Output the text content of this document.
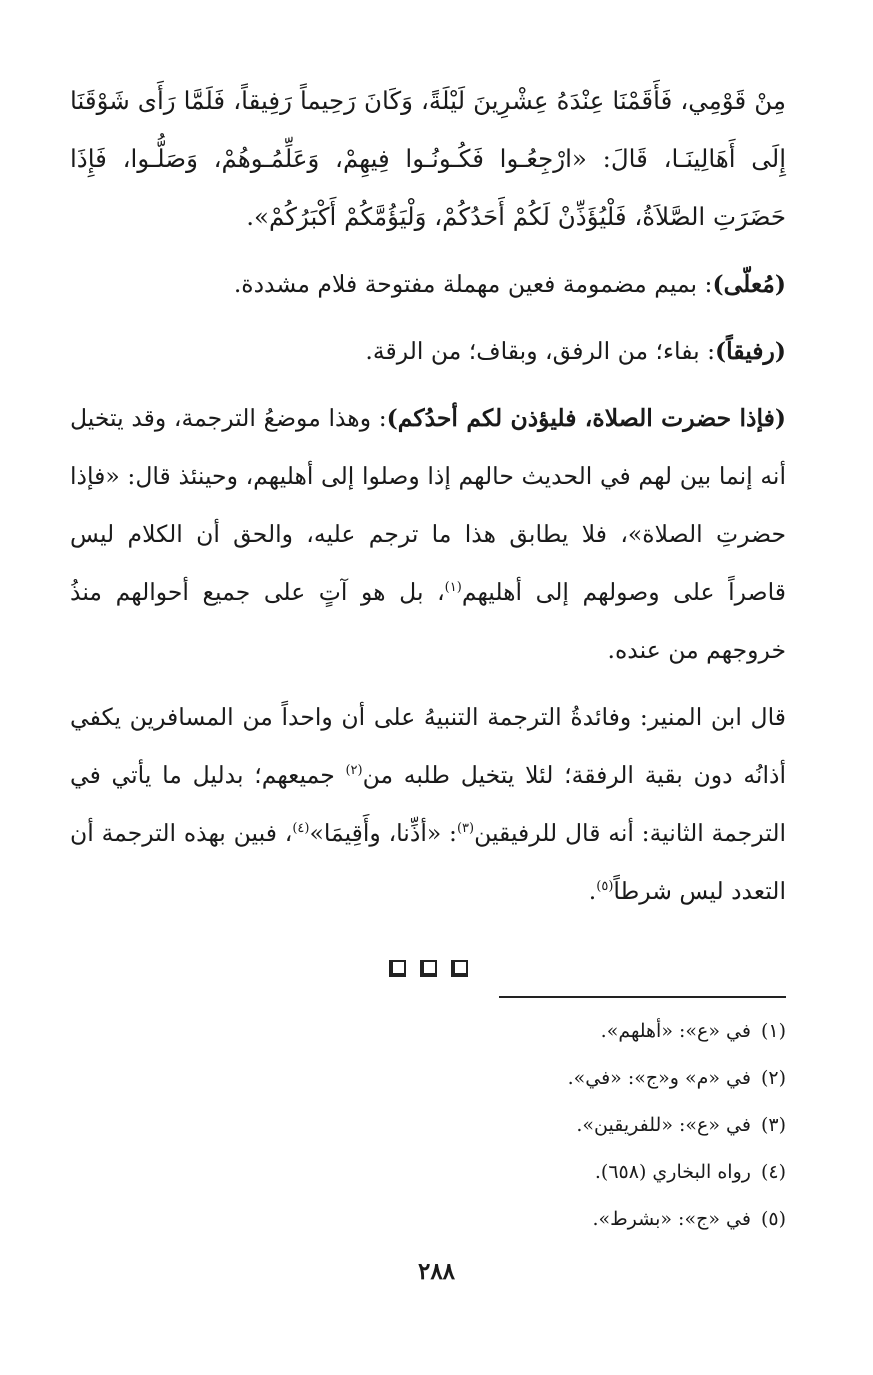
مِنْ قَوْمِي، فَأَقَمْنَا عِنْدَهُ عِشْرِينَ لَيْلَةً، وَكَانَ رَحِيماً رَفِيقاً، فَلَمَّا رَأَى شَوْقَنَا إِلَى أَهَالِينَـا، قَالَ: «ارْجِعُـوا فَكُـونُـوا فِيهِمْ، وَعَلِّمُـوهُمْ، وَصَلُّـوا، فَإِذَا حَضَرَتِ الصَّلاَةُ، فَلْيُؤَذِّنْ لَكُمْ أَحَدُكُمْ، وَلْيَؤُمَّكُمْ أَكْبَرُكُمْ».

(مُعلّى): بميم مضمومة فعين مهملة مفتوحة فلام مشددة.

(رفيقاً): بفاء؛ من الرفق، وبقاف؛ من الرقة.

(فإذا حضرت الصلاة، فليؤذن لكم أحدُكم): وهذا موضعُ الترجمة، وقد يتخيل أنه إنما بين لهم في الحديث حالهم إذا وصلوا إلى أهليهم، وحينئذ قال: «فإذا حضرتِ الصلاة»، فلا يطابق هذا ما ترجم عليه، والحق أن الكلام ليس قاصراً على وصولهم إلى أهليهم$^{(١)}$، بل هو آتٍ على جميع أحوالهم منذُ خروجهم من عنده.

قال ابن المنير: وفائدةُ الترجمة التنبيهُ على أن واحداً من المسافرين يكفي أذانُه دون بقية الرفقة؛ لئلا يتخيل طلبه من$^{(٢)}$ جميعهم؛ بدليل ما يأتي في الترجمة الثانية: أنه قال للرفيقين$^{(٣)}$: «أذِّنا، وأَقِيمَا»$^{(٤)}$، فبين بهذه الترجمة أن التعدد ليس شرطاً$^{(٥)}$.

(١)في «ع»: «أهلهم».
(٢)في «م» و«ج»: «في».
(٣)في «ع»: «للفريقين».
(٤)رواه البخاري (٦٥٨).
(٥)في «ج»: «بشرط».
٢٨٨
